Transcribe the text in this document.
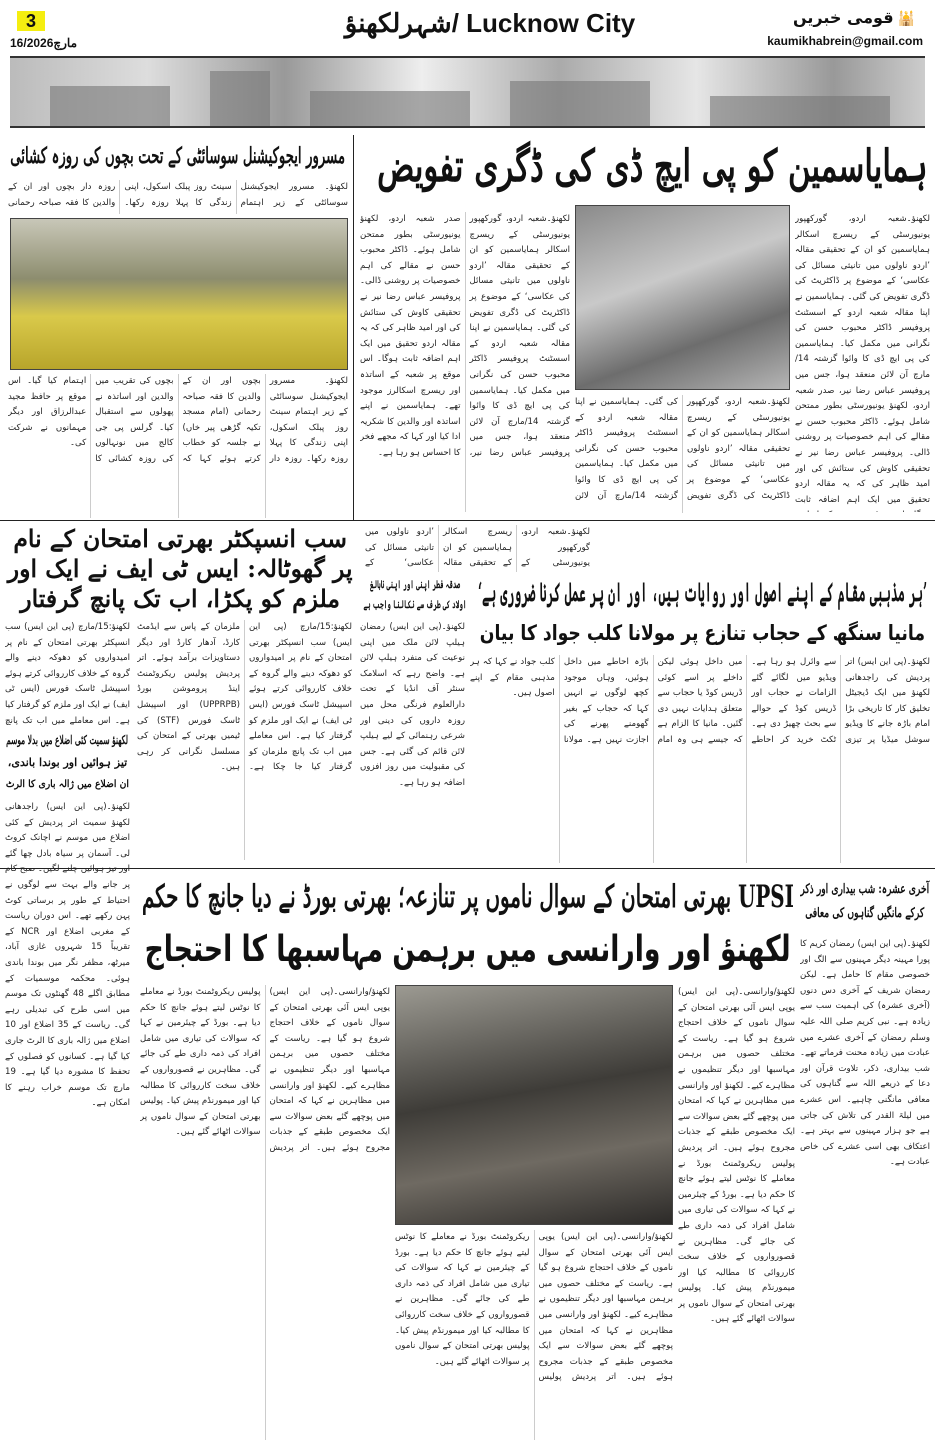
3
16/مارچ2026
شہرلکھنؤ/ Lucknow City	قومی خبریں 🕌
kaumikhabrein@gmail.com
ہمایاسمین کو پی ایچ ڈی کی ڈگری تفویض
لکھنؤ۔شعبہ اردو، گورکھپور یونیورسٹی کے ریسرچ اسکالر ہمایاسمین کو ان کے تحقیقی مقالہ ’اردو ناولوں میں تانیثی مسائل کی عکاسی‘ کے موضوع پر ڈاکٹریٹ کی ڈگری تفویض کی گئی۔ ہمایاسمین نے اپنا مقالہ شعبہ اردو کے اسسٹنٹ پروفیسر ڈاکٹر محبوب حسن کی نگرانی میں مکمل کیا۔ ہمایاسمین کی پی ایچ ڈی کا وائوا گزشتہ 14/مارچ آن لائن منعقد ہوا، جس میں پروفیسر عباس رضا نیر، صدر شعبہ اردو، لکھنؤ یونیورسٹی بطور ممتحن شامل ہوئے۔ ڈاکٹر محبوب حسن نے مقالے کی اہم خصوصیات پر روشنی ڈالی۔ پروفیسر عباس رضا نیر نے تحقیقی کاوش کی ستائش کی اور امید ظاہر کی کہ یہ مقالہ اردو تحقیق میں ایک اہم اضافہ ثابت
لکھنؤ۔شعبہ اردو، گورکھپور یونیورسٹی کے ریسرچ اسکالر ہمایاسمین کو ان کے تحقیقی مقالہ ’اردو ناولوں میں تانیثی مسائل کی عکاسی‘ کے موضوع پر ڈاکٹریٹ کی ڈگری تفویض کی گئی۔ ہمایاسمین نے اپنا مقالہ شعبہ اردو کے اسسٹنٹ پروفیسر ڈاکٹر محبوب حسن کی نگرانی میں مکمل کیا۔ ہمایاسمین کی پی ایچ ڈی کا وائوا گزشتہ 14/مارچ آن لائن منعقد ہوا، جس میں پروفیسر عباس رضا نیر، صدر شعبہ اردو، لکھنؤ یونیورسٹی بطور ممتحن شامل ہوئے۔ ڈاکٹر محبوب حسن نے مقالے کی اہم خصوصیات پر روشنی ڈالی۔ پروفیسر عباس رضا نیر نے تحقیقی کاوش کی ستائش کی اور امید ظاہر کی کہ یہ مقالہ اردو تحقیق میں ایک اہم اضافہ ثابت ہوگا۔ اس موقع پر شعبہ کے اساتذہ اور ریسرچ اسکالرز موجود تھے۔ ہمایاسمین نے اپنے اساتذہ اور والدین کا شکریہ ادا کیا اور کہا کہ مجھے فخر کا احساس ہو رہا ہے۔
لکھنؤ۔شعبہ اردو، گورکھپور یونیورسٹی کے ریسرچ اسکالر ہمایاسمین کو ان کے تحقیقی مقالہ ’اردو ناولوں میں تانیثی مسائل کی عکاسی‘ کے موضوع پر ڈاکٹریٹ کی ڈگری تفویض کی گئی۔ ہمایاسمین نے اپنا مقالہ شعبہ اردو کے اسسٹنٹ پروفیسر ڈاکٹر محبوب حسن کی نگرانی میں مکمل کیا۔ ہمایاسمین کی پی ایچ ڈی کا وائوا گزشتہ 14/مارچ آن لائن
مسرور ایجوکیشنل سوسائٹی کے تحت بچوں کی روزہ کشائی
لکھنؤ۔ مسرور ایجوکیشنل سوسائٹی کے زیر اہتمام سینٹ روز پبلک اسکول، اپنی زندگی کا پہلا روزہ رکھا۔ روزہ دار بچوں اور ان کے والدین کا فقہ صباحہ رحمانی
لکھنؤ۔ مسرور ایجوکیشنل سوسائٹی کے زیر اہتمام سینٹ روز پبلک اسکول، اپنی زندگی کا پہلا روزہ رکھا۔ روزہ دار بچوں اور ان کے والدین کا فقہ صباحہ رحمانی (امام مسجد تکیہ گڑھی پیر خاں) نے جلسہ کو خطاب کرتے ہوئے کہا کہ بچوں کی تقریب میں والدین اور اساتذہ نے پھولوں سے استقبال کیا۔ گرلس پی جی کالج میں نونہالوں کی روزہ کشائی کا اہتمام کیا گیا۔ اس موقع پر حافظ مجید عبدالرزاق اور دیگر مہمانوں نے شرکت کی۔
سب انسپکٹر بھرتی امتحان کے نام پر گھوٹالہ: ایس ٹی ایف نے ایک اور ملزم کو پکڑا، اب تک پانچ گرفتار	صدقہ فطر اپنی اور اپنی نابالغ اولاد کی طرف سے نکالنا واجب ہے
لکھنؤ:15/مارچ (پی این ایس) سب انسپکٹر بھرتی امتحان کے نام پر امیدواروں کو دھوکہ دینے والے گروہ کے خلاف کارروائی کرتے ہوئے اسپیشل ٹاسک فورس (ایس ٹی ایف) نے ایک اور ملزم کو گرفتار کیا ہے۔ اس معاملے میں اب تک پانچ
لکھنؤ:15/مارچ (پی این ایس) سب انسپکٹر بھرتی امتحان کے نام پر امیدواروں کو دھوکہ دینے والے گروہ کے خلاف کارروائی کرتے ہوئے اسپیشل ٹاسک فورس (ایس ٹی ایف) نے ایک اور ملزم کو گرفتار کیا ہے۔ اس معاملے میں اب تک پانچ ملزمان کو گرفتار کیا جا چکا ہے۔ ملزمان کے پاس سے ایڈمٹ کارڈ، آدھار کارڈ اور دیگر دستاویزات برآمد ہوئے۔ اتر پردیش پولیس ریکروٹمنٹ اینڈ پروموشن بورڈ (UPPRPB) اور اسپیشل ٹاسک فورس (STF) کی ٹیمیں بھرتی کے امتحان کی مسلسل نگرانی کر رہی ہیں۔
لکھنؤ۔(پی این ایس) رمضان ہیلپ لائن ملک میں اپنی نوعیت کی منفرد ہیلپ لائن ہے۔ واضح رہے کہ اسلامک سنٹر آف انڈیا کے تحت دارالعلوم فرنگی محل میں روزہ داروں کی دینی اور شرعی رہنمائی کے لیے ہیلپ لائن قائم کی گئی ہے۔ جس کی مقبولیت میں روز افزوں اضافہ ہو رہا ہے۔
لکھنؤ۔شعبہ اردو، گورکھپور یونیورسٹی کے ریسرچ اسکالر ہمایاسمین کو ان کے تحقیقی مقالہ ’اردو ناولوں میں تانیثی مسائل کی عکاسی‘ کے
’ہر مذہبی مقام کے اپنے اصول اور روایات ہیں، اور ان پر عمل کرنا ضروری ہے‘
مانیا سنگھ کے حجاب تنازع پر مولانا کلب جواد کا بیان
لکھنؤ۔(پی این ایس) اتر پردیش کی راجدھانی لکھنؤ میں ایک ڈیجیٹل تخلیق کار کا تاریخی بڑا امام باڑہ جانے کا ویڈیو سوشل میڈیا پر تیزی سے وائرل ہو رہا ہے۔ ویڈیو میں لگائے گئے الزامات نے حجاب اور ڈریس کوڈ کے حوالے سے بحث چھیڑ دی ہے۔ ٹکٹ خرید کر احاطے میں داخل ہوئی لیکن داخلے پر اسے کوئی ڈریس کوڈ یا حجاب سے متعلق ہدایات نہیں دی گئیں۔ مانیا کا الزام ہے کہ جیسے ہی وہ امام باڑہ احاطے میں داخل ہوئیں، وہاں موجود کچھ لوگوں نے انہیں کہا کہ حجاب کے بغیر گھومنے پھرنے کی اجازت نہیں ہے۔ مولانا کلب جواد نے کہا کہ ہر مذہبی مقام کے اپنے اصول ہیں۔
لکھنؤ سمیت کئی اضلاع میں بدلا موسم
تیز ہوائیں اور بوندا باندی،
ان اضلاع میں ژالہ باری کا الرٹ
لکھنؤ۔(پی این ایس) راجدھانی لکھنؤ سمیت اتر پردیش کے کئی اضلاع میں موسم نے اچانک کروٹ لی۔ آسمان پر سیاہ بادل چھا گئے اور تیز ہوائیں چلنے لگیں۔ صبح کام پر جانے والے بہت سے لوگوں نے احتیاط کے طور پر برساتی کوٹ پہن رکھے تھے۔ اس دوران ریاست کے مغربی اضلاع اور NCR کے تقریباً 15 شہروں غازی آباد، میرٹھ، مظفر نگر میں بوندا باندی ہوئی۔ محکمہ موسمیات کے مطابق اگلے 48 گھنٹوں تک موسم میں اسی طرح کی تبدیلی رہے گی۔ ریاست کے 35 اضلاع اور 10 اضلاع میں ژالہ باری کا الرٹ جاری کیا گیا ہے۔ کسانوں کو فصلوں کے تحفظ کا مشورہ دیا گیا ہے۔ 19 مارچ تک موسم خراب رہنے کا امکان ہے۔
آخری عشرہ: شب بیداری اور ذکر کرکے مانگیں گناہوں کی معافی
لکھنؤ۔(پی این ایس) رمضان کریم کا پورا مہینہ دیگر مہینوں سے الگ اور خصوصی مقام کا حامل ہے۔ لیکن رمضان شریف کے آخری دس دنوں (آخری عشرہ) کی اہمیت سب سے زیادہ ہے۔ نبی کریم صلی اللہ علیہ وسلم رمضان کے آخری عشرے میں عبادت میں زیادہ محنت فرماتے تھے۔ شب بیداری، ذکر، تلاوت قرآن اور دعا کے ذریعے اللہ سے گناہوں کی معافی مانگنی چاہیے۔ اس عشرے میں لیلۃ القدر کی تلاش کی جاتی ہے جو ہزار مہینوں سے بہتر ہے۔ اعتکاف بھی اسی عشرے کی خاص عبادت ہے۔
UPSI بھرتی امتحان کے سوال ناموں پر تنازعہ؛ بھرتی بورڈ نے دیا جانچ کا حکم
لکھنؤ اور وارانسی میں برہمن مہاسبھا کا احتجاج
لکھنؤ/وارانسی۔(پی این ایس) یوپی ایس آئی بھرتی امتحان کے سوال ناموں کے خلاف احتجاج شروع ہو گیا ہے۔ ریاست کے مختلف حصوں میں برہمن مہاسبھا اور دیگر تنظیموں نے مظاہرے کیے۔ لکھنؤ اور وارانسی میں مظاہرین نے کہا کہ امتحان میں پوچھے گئے بعض سوالات سے ایک مخصوص طبقے کے جذبات مجروح ہوئے ہیں۔ اتر پردیش پولیس ریکروٹمنٹ بورڈ نے معاملے کا نوٹس لیتے ہوئے جانچ کا حکم دیا ہے۔ بورڈ کے چیئرمین نے کہا کہ سوالات کی تیاری میں شامل افراد کی ذمہ داری طے کی جائے گی۔ مظاہرین نے قصورواروں کے خلاف سخت کارروائی کا مطالبہ کیا اور میمورنڈم پیش کیا۔ پولیس بھرتی امتحان کے سوال ناموں پر سوالات اٹھائے گئے ہیں۔
لکھنؤ/وارانسی۔(پی این ایس) یوپی ایس آئی بھرتی امتحان کے سوال ناموں کے خلاف احتجاج شروع ہو گیا ہے۔ ریاست کے مختلف حصوں میں برہمن مہاسبھا اور دیگر تنظیموں نے مظاہرے کیے۔ لکھنؤ اور وارانسی میں مظاہرین نے کہا کہ امتحان میں پوچھے گئے بعض سوالات سے ایک مخصوص طبقے کے جذبات مجروح ہوئے ہیں۔ اتر پردیش پولیس ریکروٹمنٹ بورڈ نے معاملے کا نوٹس لیتے ہوئے جانچ کا حکم دیا ہے۔ بورڈ کے چیئرمین نے کہا کہ سوالات کی تیاری میں شامل افراد کی ذمہ داری طے کی جائے گی۔ مظاہرین نے قصورواروں کے خلاف سخت کارروائی کا مطالبہ کیا اور میمورنڈم پیش کیا۔ پولیس بھرتی امتحان کے سوال ناموں پر سوالات اٹھائے گئے ہیں۔
لکھنؤ/وارانسی۔(پی این ایس) یوپی ایس آئی بھرتی امتحان کے سوال ناموں کے خلاف احتجاج شروع ہو گیا ہے۔ ریاست کے مختلف حصوں میں برہمن مہاسبھا اور دیگر تنظیموں نے مظاہرے کیے۔ لکھنؤ اور وارانسی میں مظاہرین نے کہا کہ امتحان میں پوچھے گئے بعض سوالات سے ایک مخصوص طبقے کے جذبات مجروح ہوئے ہیں۔ اتر پردیش پولیس ریکروٹمنٹ بورڈ نے معاملے کا نوٹس لیتے ہوئے جانچ کا حکم دیا ہے۔ بورڈ کے چیئرمین نے کہا کہ سوالات کی تیاری میں شامل افراد کی ذمہ داری طے کی جائے گی۔ مظاہرین نے قصورواروں کے خلاف سخت کارروائی کا مطالبہ کیا اور میمورنڈم پیش کیا۔ پولیس بھرتی امتحان کے سوال ناموں پر سوالات اٹھائے گئے ہیں۔
